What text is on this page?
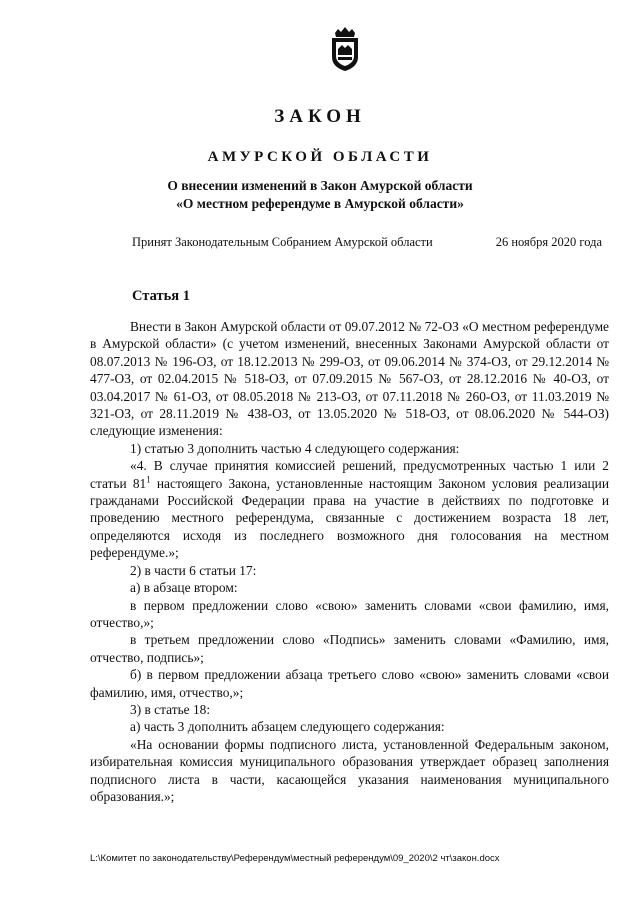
ЗАКОН
АМУРСКОЙ ОБЛАСТИ
О внесении изменений в Закон Амурской области
«О местном референдуме в Амурской области»
Принят Законодательным Собранием Амурской области	26 ноября 2020 года
Статья 1

Внести в Закон Амурской области от 09.07.2012 № 72-ОЗ «О местном референдуме в Амурской области» (с учетом изменений, внесенных Законами Амурской области от 08.07.2013 № 196-ОЗ, от 18.12.2013 № 299-ОЗ, от 09.06.2014 № 374-ОЗ, от 29.12.2014 № 477-ОЗ, от 02.04.2015 № 518-ОЗ, от 07.09.2015 № 567-ОЗ, от 28.12.2016 № 40-ОЗ, от 03.04.2017 № 61-ОЗ, от 08.05.2018 № 213-ОЗ, от 07.11.2018 № 260-ОЗ, от 11.03.2019 № 321-ОЗ, от 28.11.2019 № 438-ОЗ, от 13.05.2020 № 518-ОЗ, от 08.06.2020 № 544-ОЗ) следующие изменения:

1) статью 3 дополнить частью 4 следующего содержания:

«4. В случае принятия комиссией решений, предусмотренных частью 1 или 2 статьи $81^1$ настоящего Закона, установленные настоящим Законом условия реализации гражданами Российской Федерации права на участие в действиях по подготовке и проведению местного референдума, связанные с достижением возраста 18 лет, определяются исходя из последнего возможного дня голосования на местном референдуме.»;

2) в части 6 статьи 17:

а) в абзаце втором:

в первом предложении слово «свою» заменить словами «свои фамилию, имя, отчество,»;

в третьем предложении слово «Подпись» заменить словами «Фамилию, имя, отчество, подпись»;

б) в первом предложении абзаца третьего слово «свою» заменить словами «свои фамилию, имя, отчество,»;

3) в статье 18:

а) часть 3 дополнить абзацем следующего содержания:

«На основании формы подписного листа, установленной Федеральным законом, избирательная комиссия муниципального образования утверждает образец заполнения подписного листа в части, касающейся указания наименования муниципального образования.»;

L:\Комитет по законодательству\Референдум\местный референдум\09_2020\2 чт\закон.docx
